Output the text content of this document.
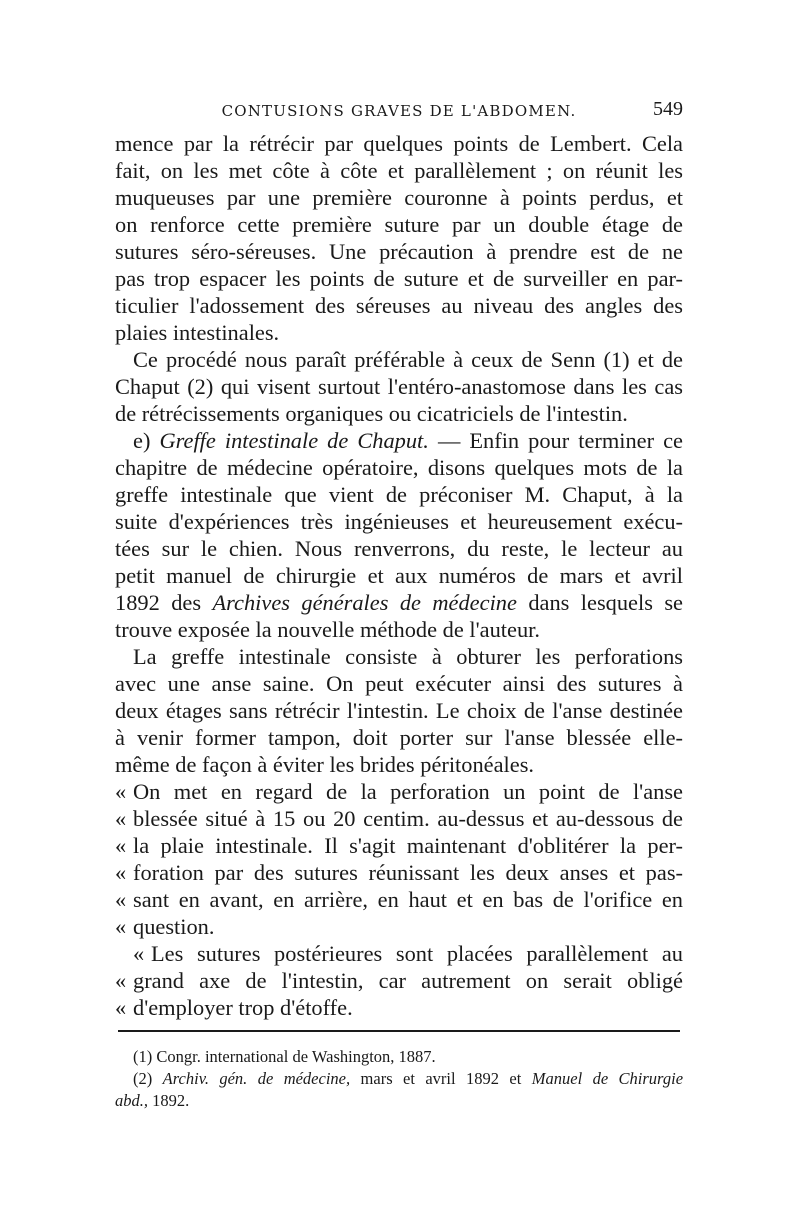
CONTUSIONS GRAVES DE L'ABDOMEN.	549
mence par la rétrécir par quelques points de Lembert. Cela
fait, on les met côte à côte et parallèlement ; on réunit les
muqueuses par une première couronne à points perdus, et
on renforce cette première suture par un double étage de
sutures séro-séreuses. Une précaution à prendre est de ne
pas trop espacer les points de suture et de surveiller en par-
ticulier l'adossement des séreuses au niveau des angles des
plaies intestinales.
Ce procédé nous paraît préférable à ceux de Senn (1) et de
Chaput (2) qui visent surtout l'entéro-anastomose dans les cas
de rétrécissements organiques ou cicatriciels de l'intestin.
e) Greffe intestinale de Chaput. — Enfin pour terminer ce
chapitre de médecine opératoire, disons quelques mots de la
greffe intestinale que vient de préconiser M. Chaput, à la
suite d'expériences très ingénieuses et heureusement exécu-
tées sur le chien. Nous renverrons, du reste, le lecteur au
petit manuel de chirurgie et aux numéros de mars et avril
1892 des Archives générales de médecine dans lesquels se
trouve exposée la nouvelle méthode de l'auteur.
La greffe intestinale consiste à obturer les perforations
avec une anse saine. On peut exécuter ainsi des sutures à
deux étages sans rétrécir l'intestin. Le choix de l'anse destinée
à venir former tampon, doit porter sur l'anse blessée elle-
même de façon à éviter les brides péritonéales.
« On met en regard de la perforation un point de l'anse
« blessée situé à 15 ou 20 centim. au-dessus et au-dessous de
« la plaie intestinale. Il s'agit maintenant d'oblitérer la per-
« foration par des sutures réunissant les deux anses et pas-
« sant en avant, en arrière, en haut et en bas de l'orifice en
« question.
« Les sutures postérieures sont placées parallèlement au
« grand axe de l'intestin, car autrement on serait obligé
« d'employer trop d'étoffe.
(1) Congr. international de Washington, 1887.
(2) Archiv. gén. de médecine, mars et avril 1892 et Manuel de Chirurgie
abd., 1892.
